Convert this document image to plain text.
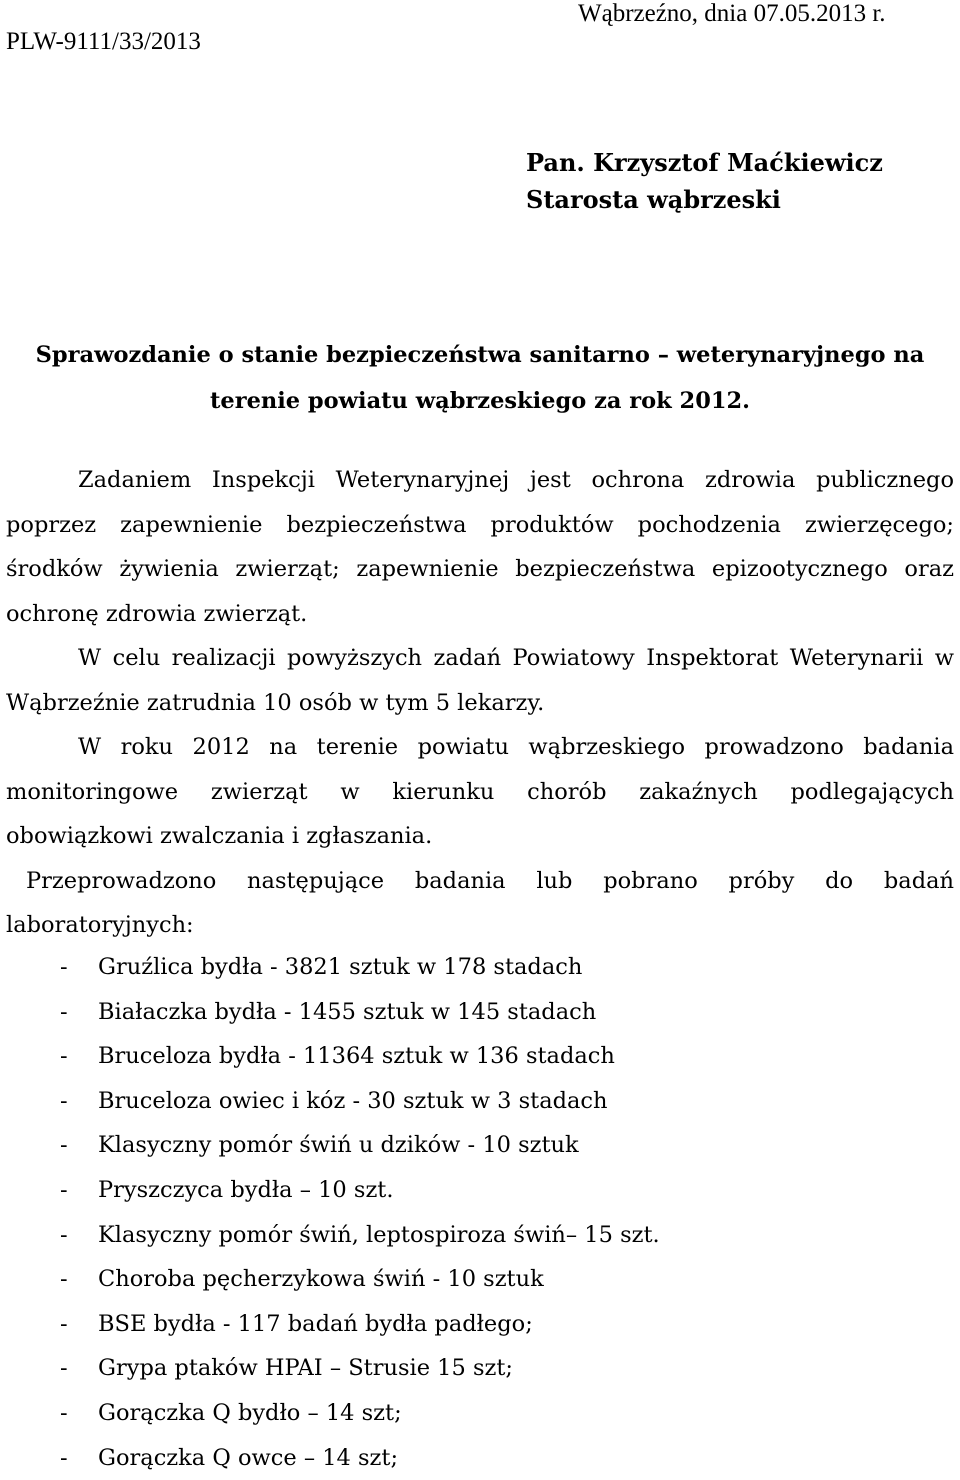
PLW-9111/33/2013
Wąbrzeźno, dnia 07.05.2013 r.
Pan. Krzysztof Maćkiewicz
Starosta wąbrzeski
Sprawozdanie o stanie bezpieczeństwa sanitarno – weterynaryjnego na terenie powiatu wąbrzeskiego za rok 2012.

Zadaniem Inspekcji Weterynaryjnej jest ochrona zdrowia publicznego poprzez zapewnienie bezpieczeństwa produktów pochodzenia zwierzęcego; środków żywienia zwierząt; zapewnienie bezpieczeństwa epizootycznego oraz ochronę zdrowia zwierząt.

W celu realizacji powyższych zadań Powiatowy Inspektorat Weterynarii w Wąbrzeźnie zatrudnia 10 osób w tym 5 lekarzy.

W roku 2012 na terenie powiatu wąbrzeskiego prowadzono badania monitoringowe zwierząt w kierunku chorób zakaźnych podlegających obowiązkowi zwalczania i zgłaszania.

Przeprowadzono następujące badania lub pobrano próby do badań laboratoryjnych:

- Gruźlica bydła - 3821 sztuk w 178 stadach
- Białaczka bydła - 1455 sztuk w 145 stadach
- Bruceloza bydła - 11364 sztuk w 136 stadach
- Bruceloza owiec i kóz - 30 sztuk w 3 stadach
- Klasyczny pomór świń u dzików - 10 sztuk
- Pryszczyca bydła – 10 szt.
- Klasyczny pomór świń, leptospiroza świń– 15 szt.
- Choroba pęcherzykowa świń - 10 sztuk
- BSE bydła - 117 badań bydła padłego;
- Grypa ptaków HPAI – Strusie 15 szt;
- Gorączka Q bydło – 14 szt;
- Gorączka Q owce – 14 szt;
